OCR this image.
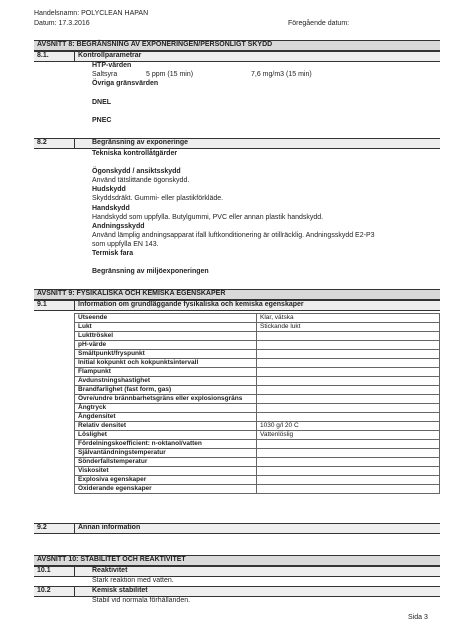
Handelsnamn: POLYCLEAN HAPAN
Datum: 17.3.2016	Föregående datum:
AVSNITT 8: BEGRÄNSNING AV EXPONERINGEN/PERSONLIGT SKYDD
8.1.	Kontrollparametrar
HTP-värden
Saltsyra	5 ppm (15 min)	7,6 mg/m3 (15 min)
Övriga gränsvärden
DNEL
PNEC
8.2	Begränsning av exponeringe
Tekniska kontrollåtgärder
Ögonskydd / ansiktsskydd
Använd tätslittande ögonskydd.
Hudskydd
Skyddsdräkt. Gummi- eller plastikförkläde.
Handskydd
Handskydd som uppfylla. Butylgummi, PVC eller annan plastik handskydd.
Andningsskydd
Använd lämplig andningsapparat ifall luftkonditionering är otillräcklig. Andningsskydd E2-P3
som uppfylla EN 143.
Termisk fara
Begränsning av miljöexponeringen
AVSNITT 9: FYSIKALISKA OCH KEMISKA EGENSKAPER
9.1	Information om grundläggande fysikaliska och kemiska egenskaper
Utseende	Klar, vätska
Lukt	Stickande lukt
Lukttröskel	
pH-värde	
Smältpunkt/fryspunkt	
Initial kokpunkt och kokpunktsintervall	
Flampunkt	
Avdunstningshastighet	
Brandfarlighet (fast form, gas)	
Övre/undre brännbarhetsgräns eller explosionsgräns	
Ångtryck	
Ångdensitet	
Relativ densitet	1030 g/l 20 C
Löslighet	Vattenlöslig
Fördelningskoefficient: n-oktanol/vatten	
Självantändningstemperatur	
Sönderfallstemperatur	
Viskositet	
Explosiva egenskaper	
Oxiderande egenskaper	
9.2	Annan information
AVSNITT 10: STABILITET OCH REAKTIVITET
10.1	Reaktivitet
Stark reaktion med vatten.
10.2	Kemisk stabilitet
Stabil vid normala förhållanden.
Sida 3
